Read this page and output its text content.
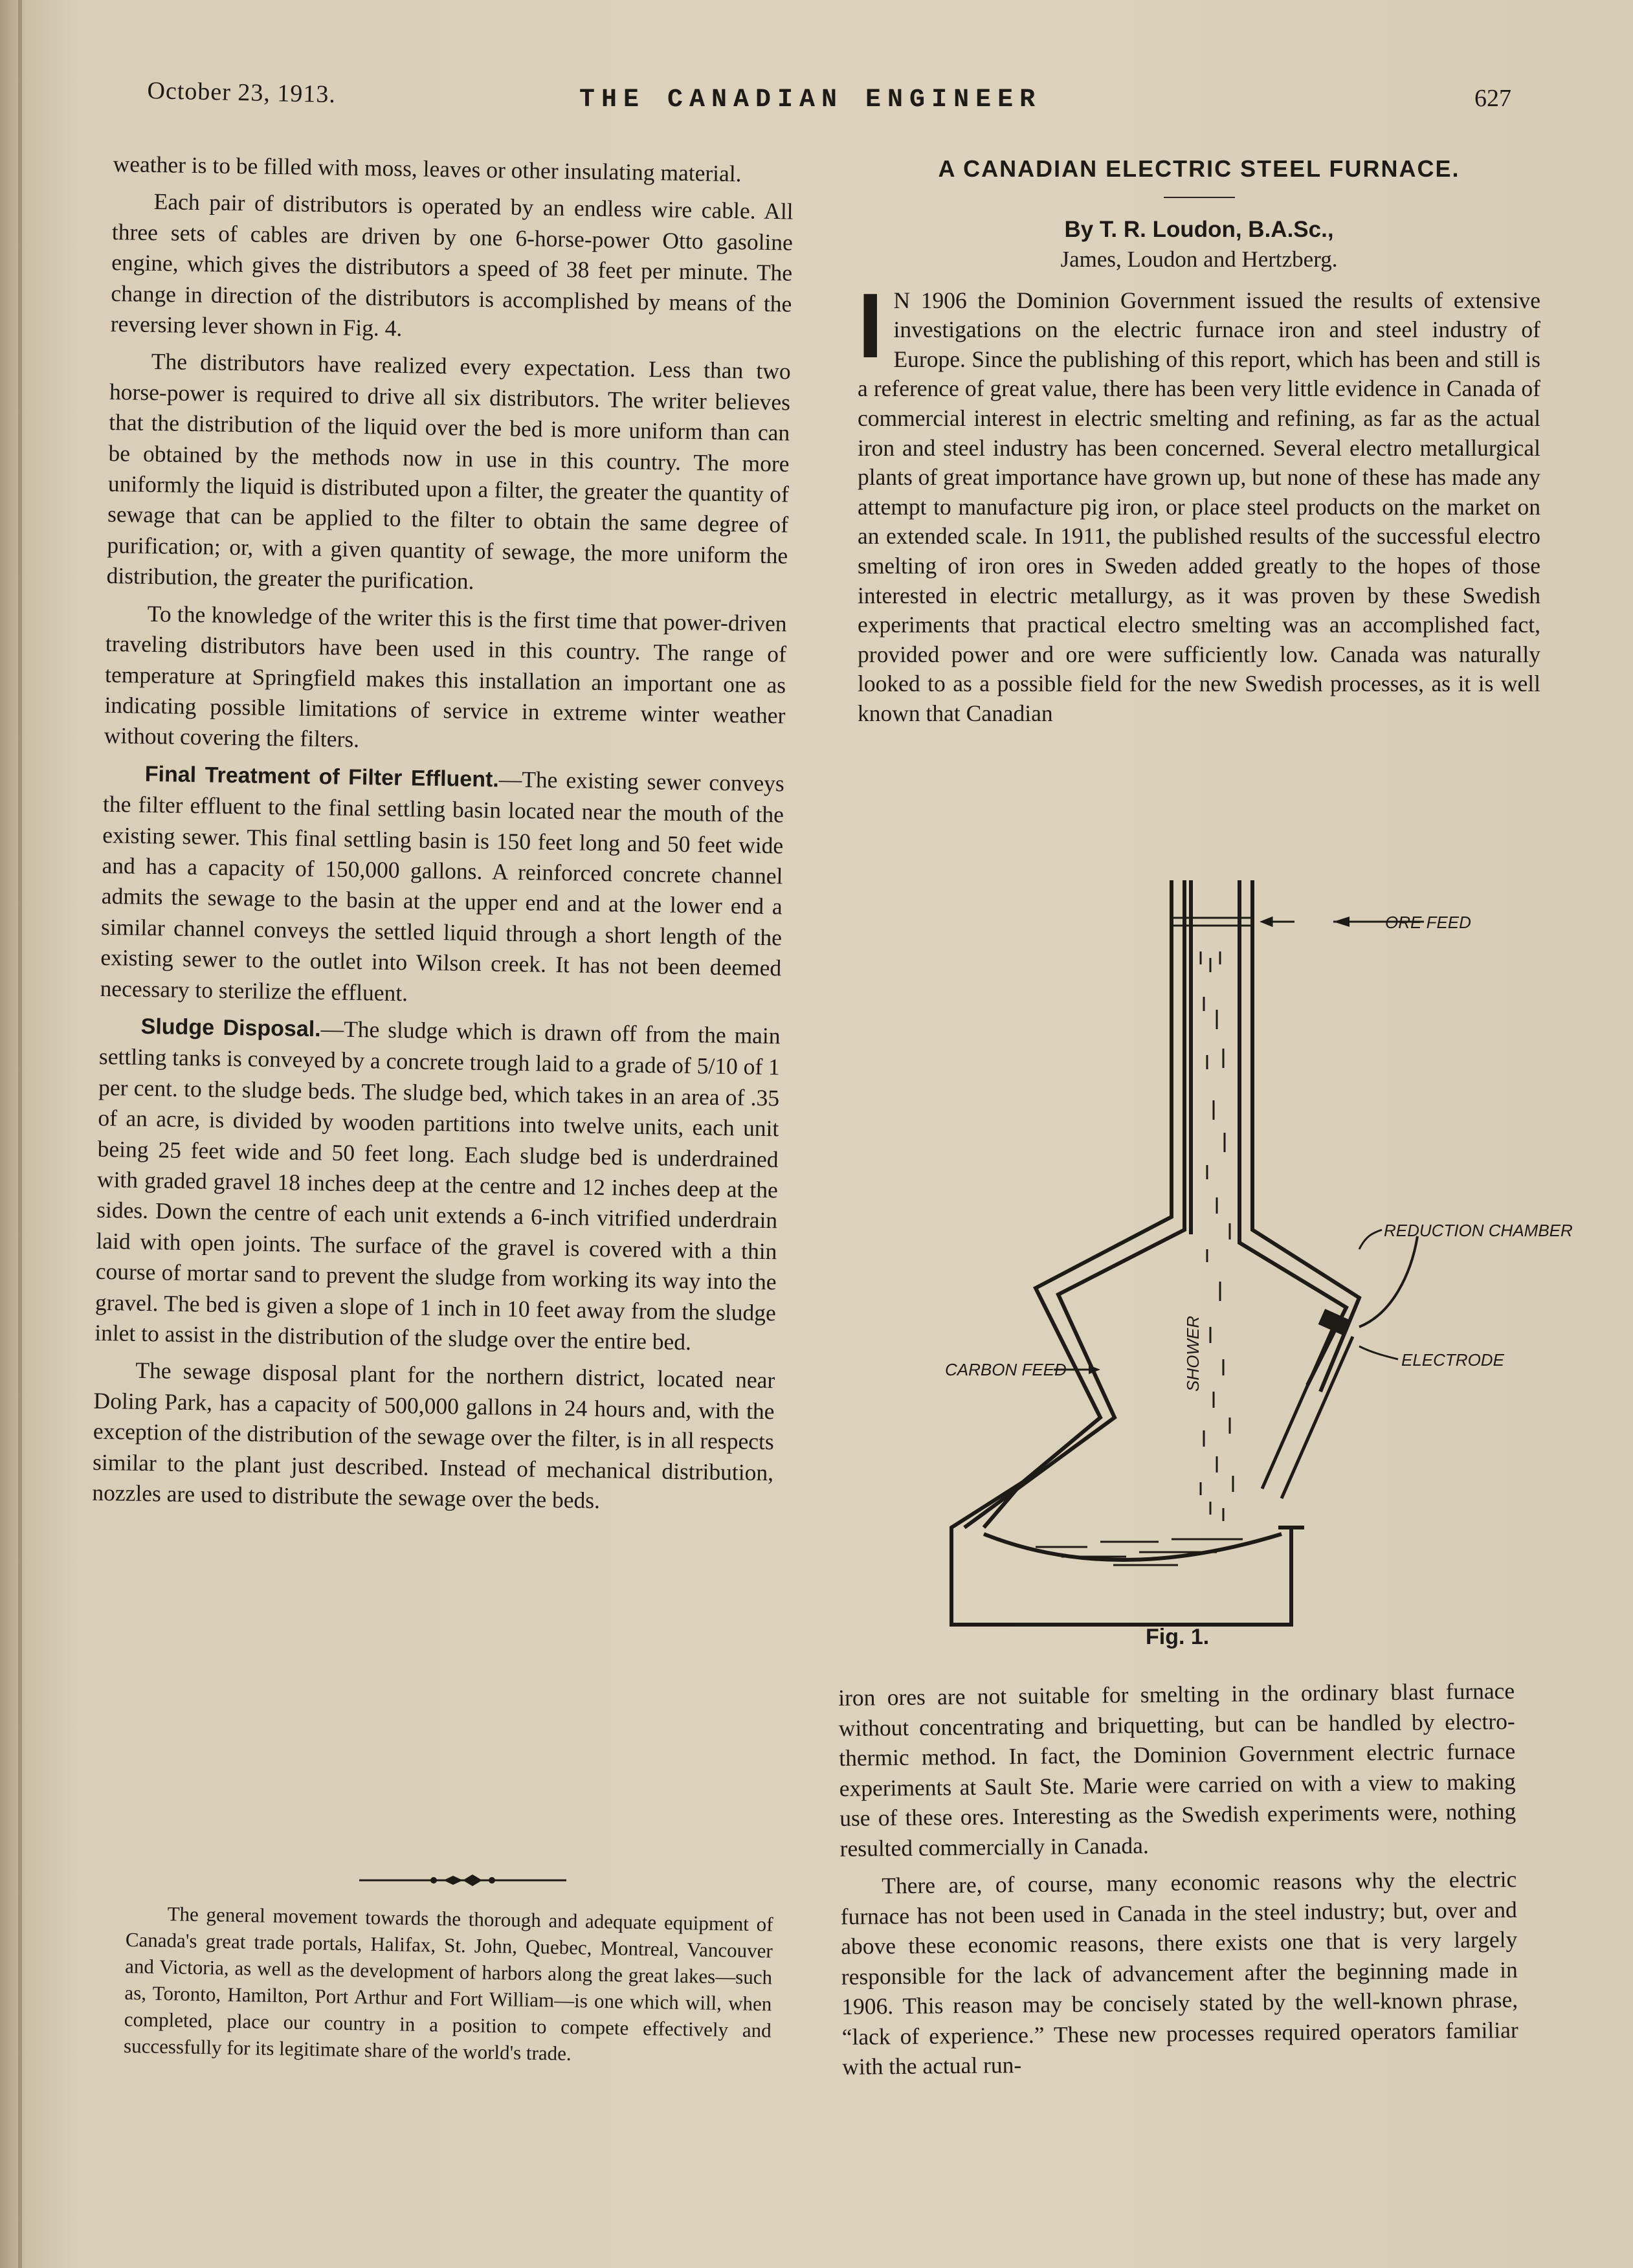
October 23, 1913.	THE CANADIAN ENGINEER	627

weather is to be filled with moss, leaves or other insulating material.

Each pair of distributors is operated by an endless wire cable. All three sets of cables are driven by one 6-horse-power Otto gasoline engine, which gives the distributors a speed of 38 feet per minute. The change in direction of the distributors is accomplished by means of the reversing lever shown in Fig. 4.

The distributors have realized every expectation. Less than two horse-power is required to drive all six distributors. The writer believes that the distribution of the liquid over the bed is more uniform than can be obtained by the methods now in use in this country. The more uniformly the liquid is distributed upon a filter, the greater the quantity of sewage that can be applied to the filter to obtain the same degree of purification; or, with a given quantity of sewage, the more uniform the distribution, the greater the purification.

To the knowledge of the writer this is the first time that power-driven traveling distributors have been used in this country. The range of temperature at Springfield makes this installation an important one as indicating possible limitations of service in extreme winter weather without covering the filters.

Final Treatment of Filter Effluent.—The existing sewer conveys the filter effluent to the final settling basin located near the mouth of the existing sewer. This final settling basin is 150 feet long and 50 feet wide and has a capacity of 150,000 gallons. A reinforced concrete channel admits the sewage to the basin at the upper end and at the lower end a similar channel conveys the settled liquid through a short length of the existing sewer to the outlet into Wilson creek. It has not been deemed necessary to sterilize the effluent.

Sludge Disposal.—The sludge which is drawn off from the main settling tanks is conveyed by a concrete trough laid to a grade of 5/10 of 1 per cent. to the sludge beds. The sludge bed, which takes in an area of .35 of an acre, is divided by wooden partitions into twelve units, each unit being 25 feet wide and 50 feet long. Each sludge bed is underdrained with graded gravel 18 inches deep at the centre and 12 inches deep at the sides. Down the centre of each unit extends a 6-inch vitrified underdrain laid with open joints. The surface of the gravel is covered with a thin course of mortar sand to prevent the sludge from working its way into the gravel. The bed is given a slope of 1 inch in 10 feet away from the sludge inlet to assist in the distribution of the sludge over the entire bed.

The sewage disposal plant for the northern district, located near Doling Park, has a capacity of 500,000 gallons in 24 hours and, with the exception of the distribution of the sewage over the filter, is in all respects similar to the plant just described. Instead of mechanical distribution, nozzles are used to distribute the sewage over the beds.

The general movement towards the thorough and adequate equipment of Canada's great trade portals, Halifax, St. John, Quebec, Montreal, Vancouver and Victoria, as well as the development of harbors along the great lakes—such as, Toronto, Hamilton, Port Arthur and Fort William—is one which will, when completed, place our country in a position to compete effectively and successfully for its legitimate share of the world's trade.

A CANADIAN ELECTRIC STEEL FURNACE.
By T. R. Loudon, B.A.Sc.,
James, Loudon and Hertzberg.
I N 1906 the Dominion Government issued the results of extensive investigations on the electric furnace iron and steel industry of Europe. Since the publishing of this report, which has been and still is a reference of great value, there has been very little evidence in Canada of commercial interest in electric smelting and refining, as far as the actual iron and steel industry has been concerned. Several electro metallurgical plants of great importance have grown up, but none of these has made any attempt to manufacture pig iron, or place steel products on the market on an extended scale. In 1911, the published results of the successful electro smelting of iron ores in Sweden added greatly to the hopes of those interested in electric metallurgy, as it was proven by these Swedish experiments that practical electro smelting was an accomplished fact, provided power and ore were sufficiently low. Canada was naturally looked to as a possible field for the new Swedish processes, as it is well known that Canadian

ORE FEED
REDUCTION CHAMBER
ELECTRODE
CARBON FEED	SHOWER
Fig. 1.

iron ores are not suitable for smelting in the ordinary blast furnace without concentrating and briquetting, but can be handled by electro-thermic method. In fact, the Dominion Government electric furnace experiments at Sault Ste. Marie were carried on with a view to making use of these ores. Interesting as the Swedish experiments were, nothing resulted commercially in Canada.

There are, of course, many economic reasons why the electric furnace has not been used in Canada in the steel industry; but, over and above these economic reasons, there exists one that is very largely responsible for the lack of advancement after the beginning made in 1906. This reason may be concisely stated by the well-known phrase, “lack of experience.” These new processes required operators familiar with the actual run-
